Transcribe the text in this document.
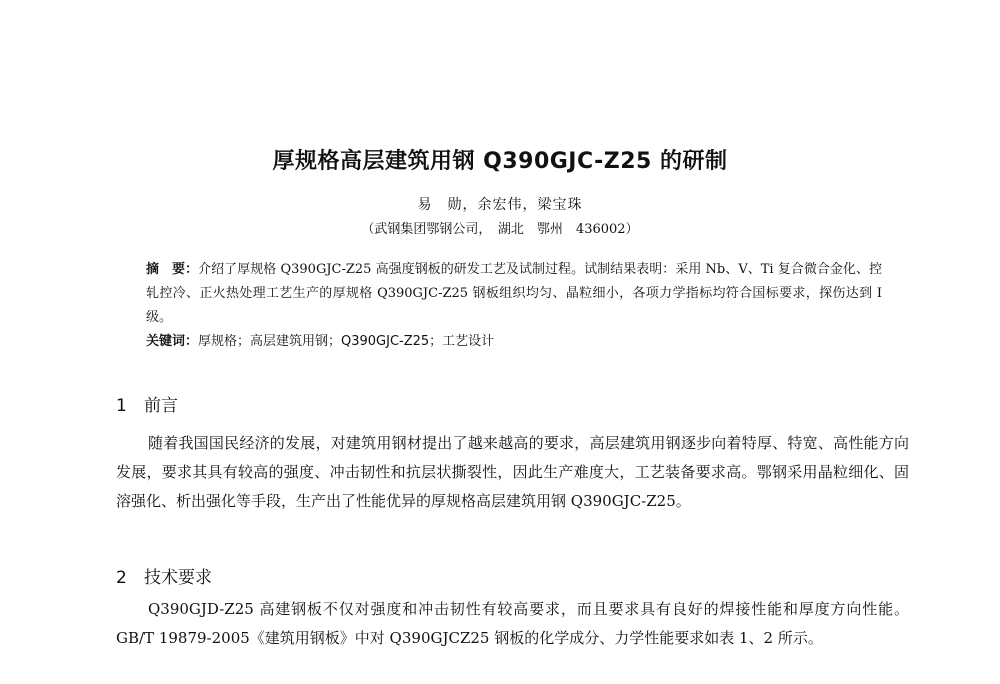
厚规格高层建筑用钢 Q390GJC-Z25 的研制
易　勋，余宏伟，梁宝珠
（武钢集团鄂钢公司，　湖北　鄂州　436002）
摘　要：介绍了厚规格 Q390GJC-Z25 高强度钢板的研发工艺及试制过程。试制结果表明：采用 Nb、V、Ti 复合微合金化、控轧控冷、正火热处理工艺生产的厚规格 Q390GJC-Z25 钢板组织均匀、晶粒细小，各项力学指标均符合国标要求，探伤达到 I 级。
关键词：厚规格；高层建筑用钢；Q390GJC-Z25；工艺设计
1 前言
随着我国国民经济的发展，对建筑用钢材提出了越来越高的要求，高层建筑用钢逐步向着特厚、特宽、高性能方向发展，要求其具有较高的强度、冲击韧性和抗层状撕裂性，因此生产难度大，工艺装备要求高。鄂钢采用晶粒细化、固溶强化、析出强化等手段，生产出了性能优异的厚规格高层建筑用钢 Q390GJC-Z25。
2 技术要求
Q390GJD-Z25 高建钢板不仅对强度和冲击韧性有较高要求，而且要求具有良好的焊接性能和厚度方向性能。GB/T 19879-2005《建筑用钢板》中对 Q390GJCZ25 钢板的化学成分、力学性能要求如表 1、2 所示。
